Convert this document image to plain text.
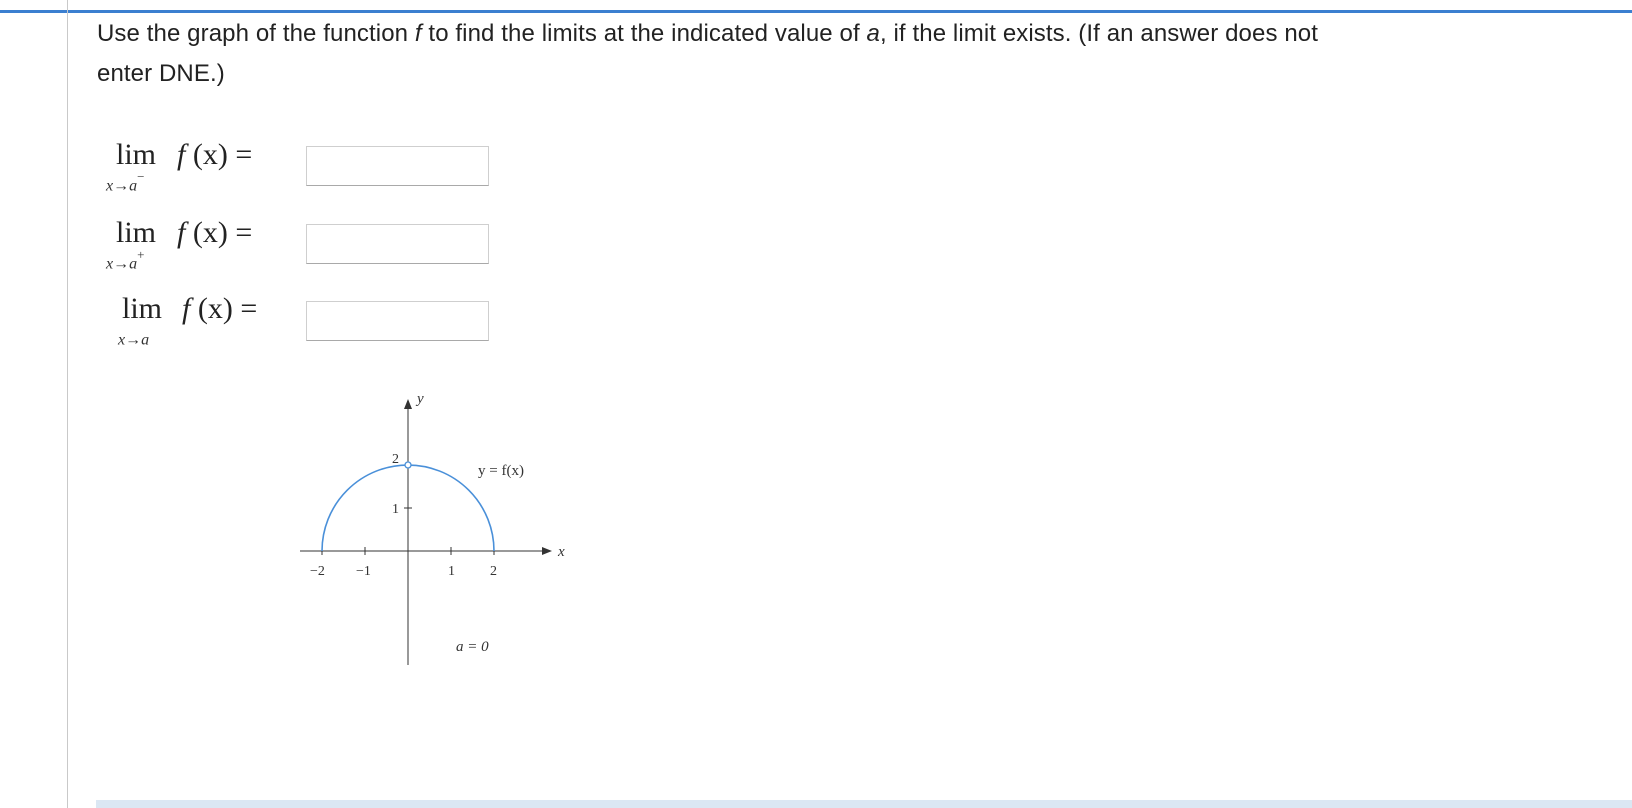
Use the graph of the function f to find the limits at the indicated value of a, if the limit exists. (If an answer does not
enter DNE.)
lim
x→a−
f (x) =
lim
x→a+
f (x) =
lim
x→a
f (x) =
x
y
−2 −1	1	2
1
2
y = f(x)
a = 0
